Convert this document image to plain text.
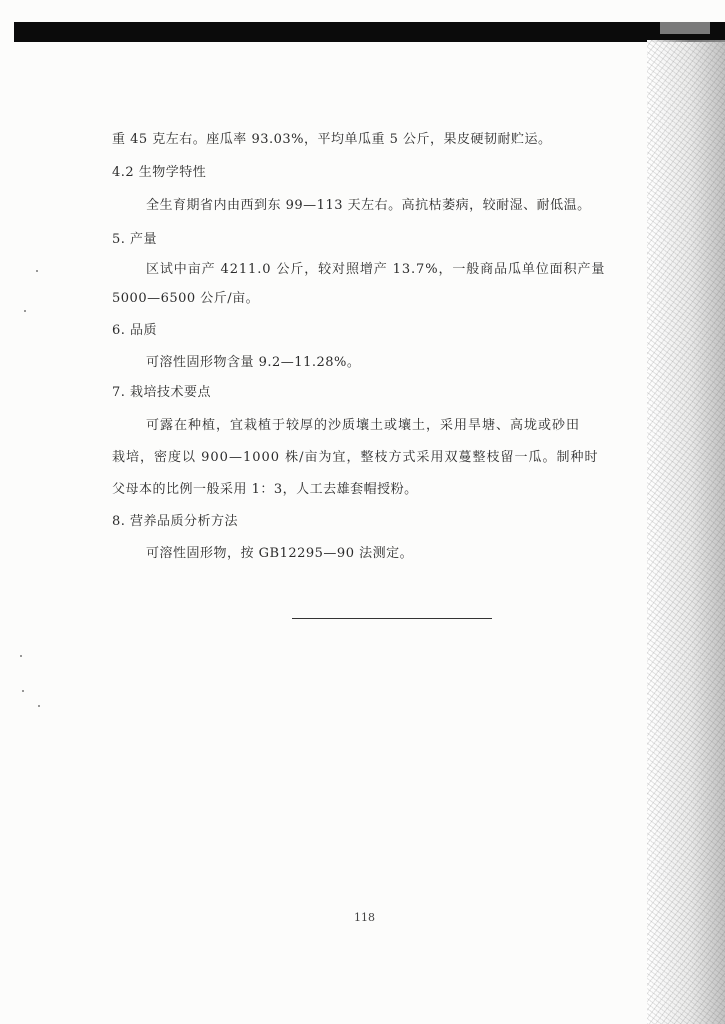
重 45 克左右。座瓜率 93.03%，平均单瓜重 5 公斤，果皮硬韧耐贮运。
4.2 生物学特性
全生育期省内由西到东 99—113 天左右。高抗枯萎病，较耐湿、耐低温。
5. 产量
区试中亩产 4211.0 公斤，较对照增产 13.7%，一般商品瓜单位面积产量
5000—6500 公斤/亩。
6. 品质
可溶性固形物含量 9.2—11.28%。
7. 栽培技术要点
可露在种植，宜栽植于较厚的沙质壤土或壤土，采用旱塘、高垅或砂田
栽培，密度以 900—1000 株/亩为宜，整枝方式采用双蔓整枝留一瓜。制种时
父母本的比例一般采用 1：3，人工去雄套帽授粉。
8. 营养品质分析方法
可溶性固形物，按 GB12295—90 法测定。
118
